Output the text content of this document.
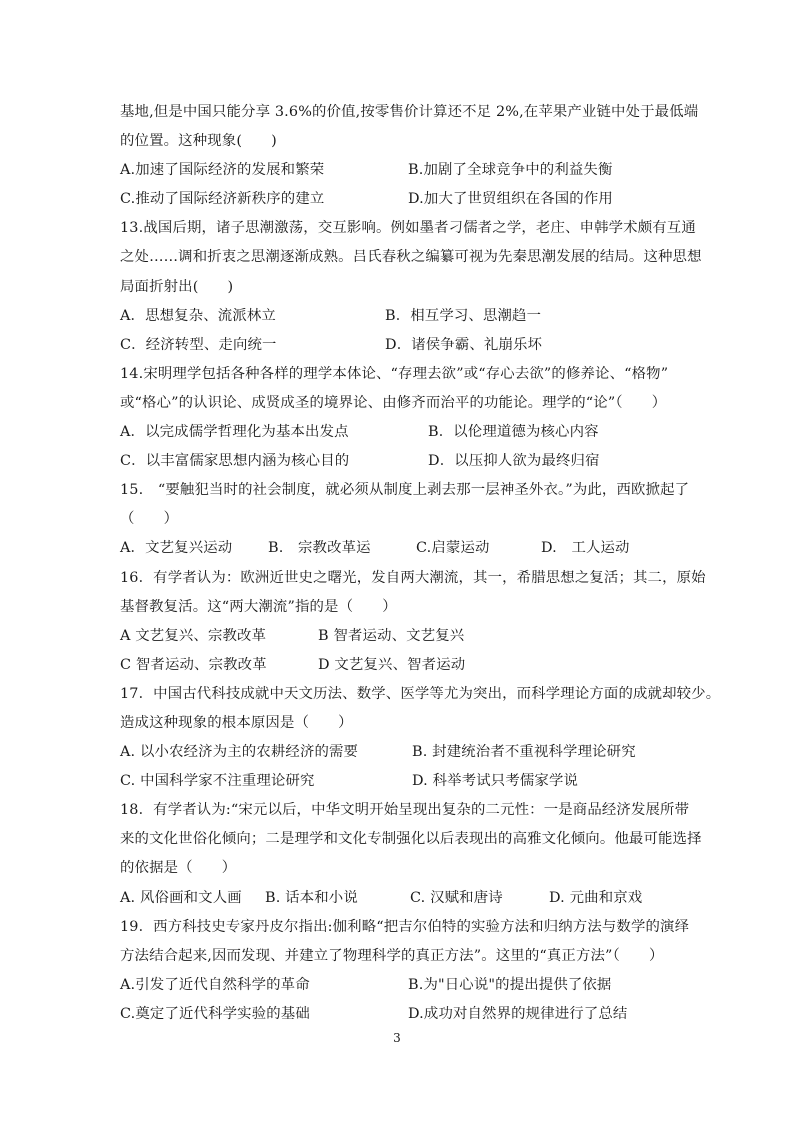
基地,但是中国只能分享 3.6%的价值,按零售价计算还不足 2%,在苹果产业链中处于最低端
的位置。这种现象(　　)
A.加速了国际经济的发展和繁荣	B.加剧了全球竞争中的利益失衡
C.推动了国际经济新秩序的建立	D.加大了世贸组织在各国的作用
13.战国后期，诸子思潮激荡，交互影响。例如墨者刁儒者之学，老庄、申韩学术颇有互通
之处……调和折衷之思潮逐渐成熟。吕氏春秋之编纂可视为先秦思潮发展的结局。这种思想
局面折射出(　　)
A．思想复杂、流派林立	B．相互学习、思潮趋一
C．经济转型、走向统一	D．诸侯争霸、礼崩乐坏
14.宋明理学包括各种各样的理学本体论、“存理去欲”或“存心去欲”的修养论、“格物”
或“格心”的认识论、成贤成圣的境界论、由修齐而治平的功能论。理学的“论”（　　）
A．以完成儒学哲理化为基本出发点	B．以伦理道德为核心内容
C．以丰富儒家思想内涵为核心目的	D．以压抑人欲为最终归宿
15.　“要触犯当时的社会制度，就必须从制度上剥去那一层神圣外衣。”为此，西欧掀起了
（　　）
A．文艺复兴运动	B.　宗教改革运	C.启蒙运动	D.　工人运动
16．有学者认为：欧洲近世史之曙光，发自两大潮流，其一，希腊思想之复活；其二，原始
基督教复活。这“两大潮流”指的是（　　）
A 文艺复兴、宗教改革	B 智者运动、文艺复兴
C 智者运动、宗教改革	D 文艺复兴、智者运动
17．中国古代科技成就中天文历法、数学、医学等尤为突出，而科学理论方面的成就却较少。
造成这种现象的根本原因是（　　）
A. 以小农经济为主的农耕经济的需要	B. 封建统治者不重视科学理论研究
C. 中国科学家不注重理论研究	D. 科举考试只考儒家学说
18．有学者认为:“宋元以后，中华文明开始呈现出复杂的二元性：一是商品经济发展所带
来的文化世俗化倾向；二是理学和文化专制强化以后表现出的高雅文化倾向。他最可能选择
的依据是（　　）
A. 风俗画和文人画	B. 话本和小说	C. 汉赋和唐诗	D. 元曲和京戏
19．西方科技史专家丹皮尔指出:伽利略“把吉尔伯特的实验方法和归纳方法与数学的演绎
方法结合起来,因而发现、并建立了物理科学的真正方法”。这里的“真正方法”（　　）
A.引发了近代自然科学的革命	B.为"日心说"的提出提供了依据
C.奠定了近代科学实验的基础	D.成功对自然界的规律进行了总结
3
